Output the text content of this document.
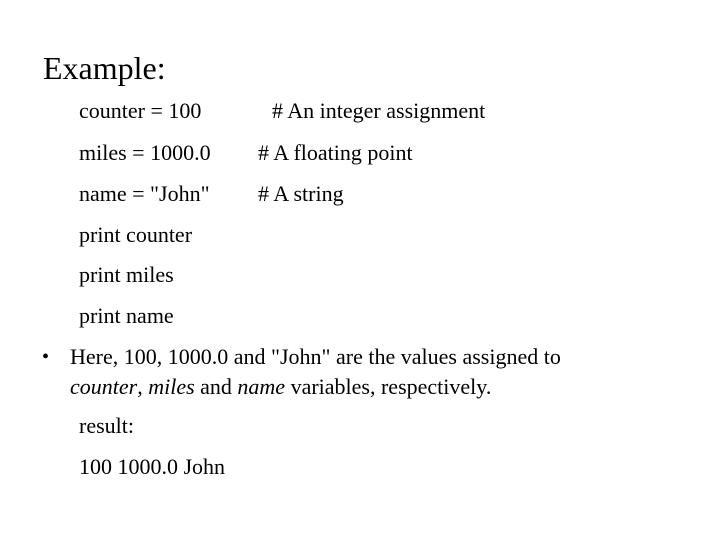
Example:
counter = 100	# An integer assignment
miles = 1000.0 # A floating point
name = "John" # A string
print counter
print miles
print name
• Here, 100, 1000.0 and "John" are the values assigned to
counter, miles and name variables, respectively.
result:
100 1000.0 John
